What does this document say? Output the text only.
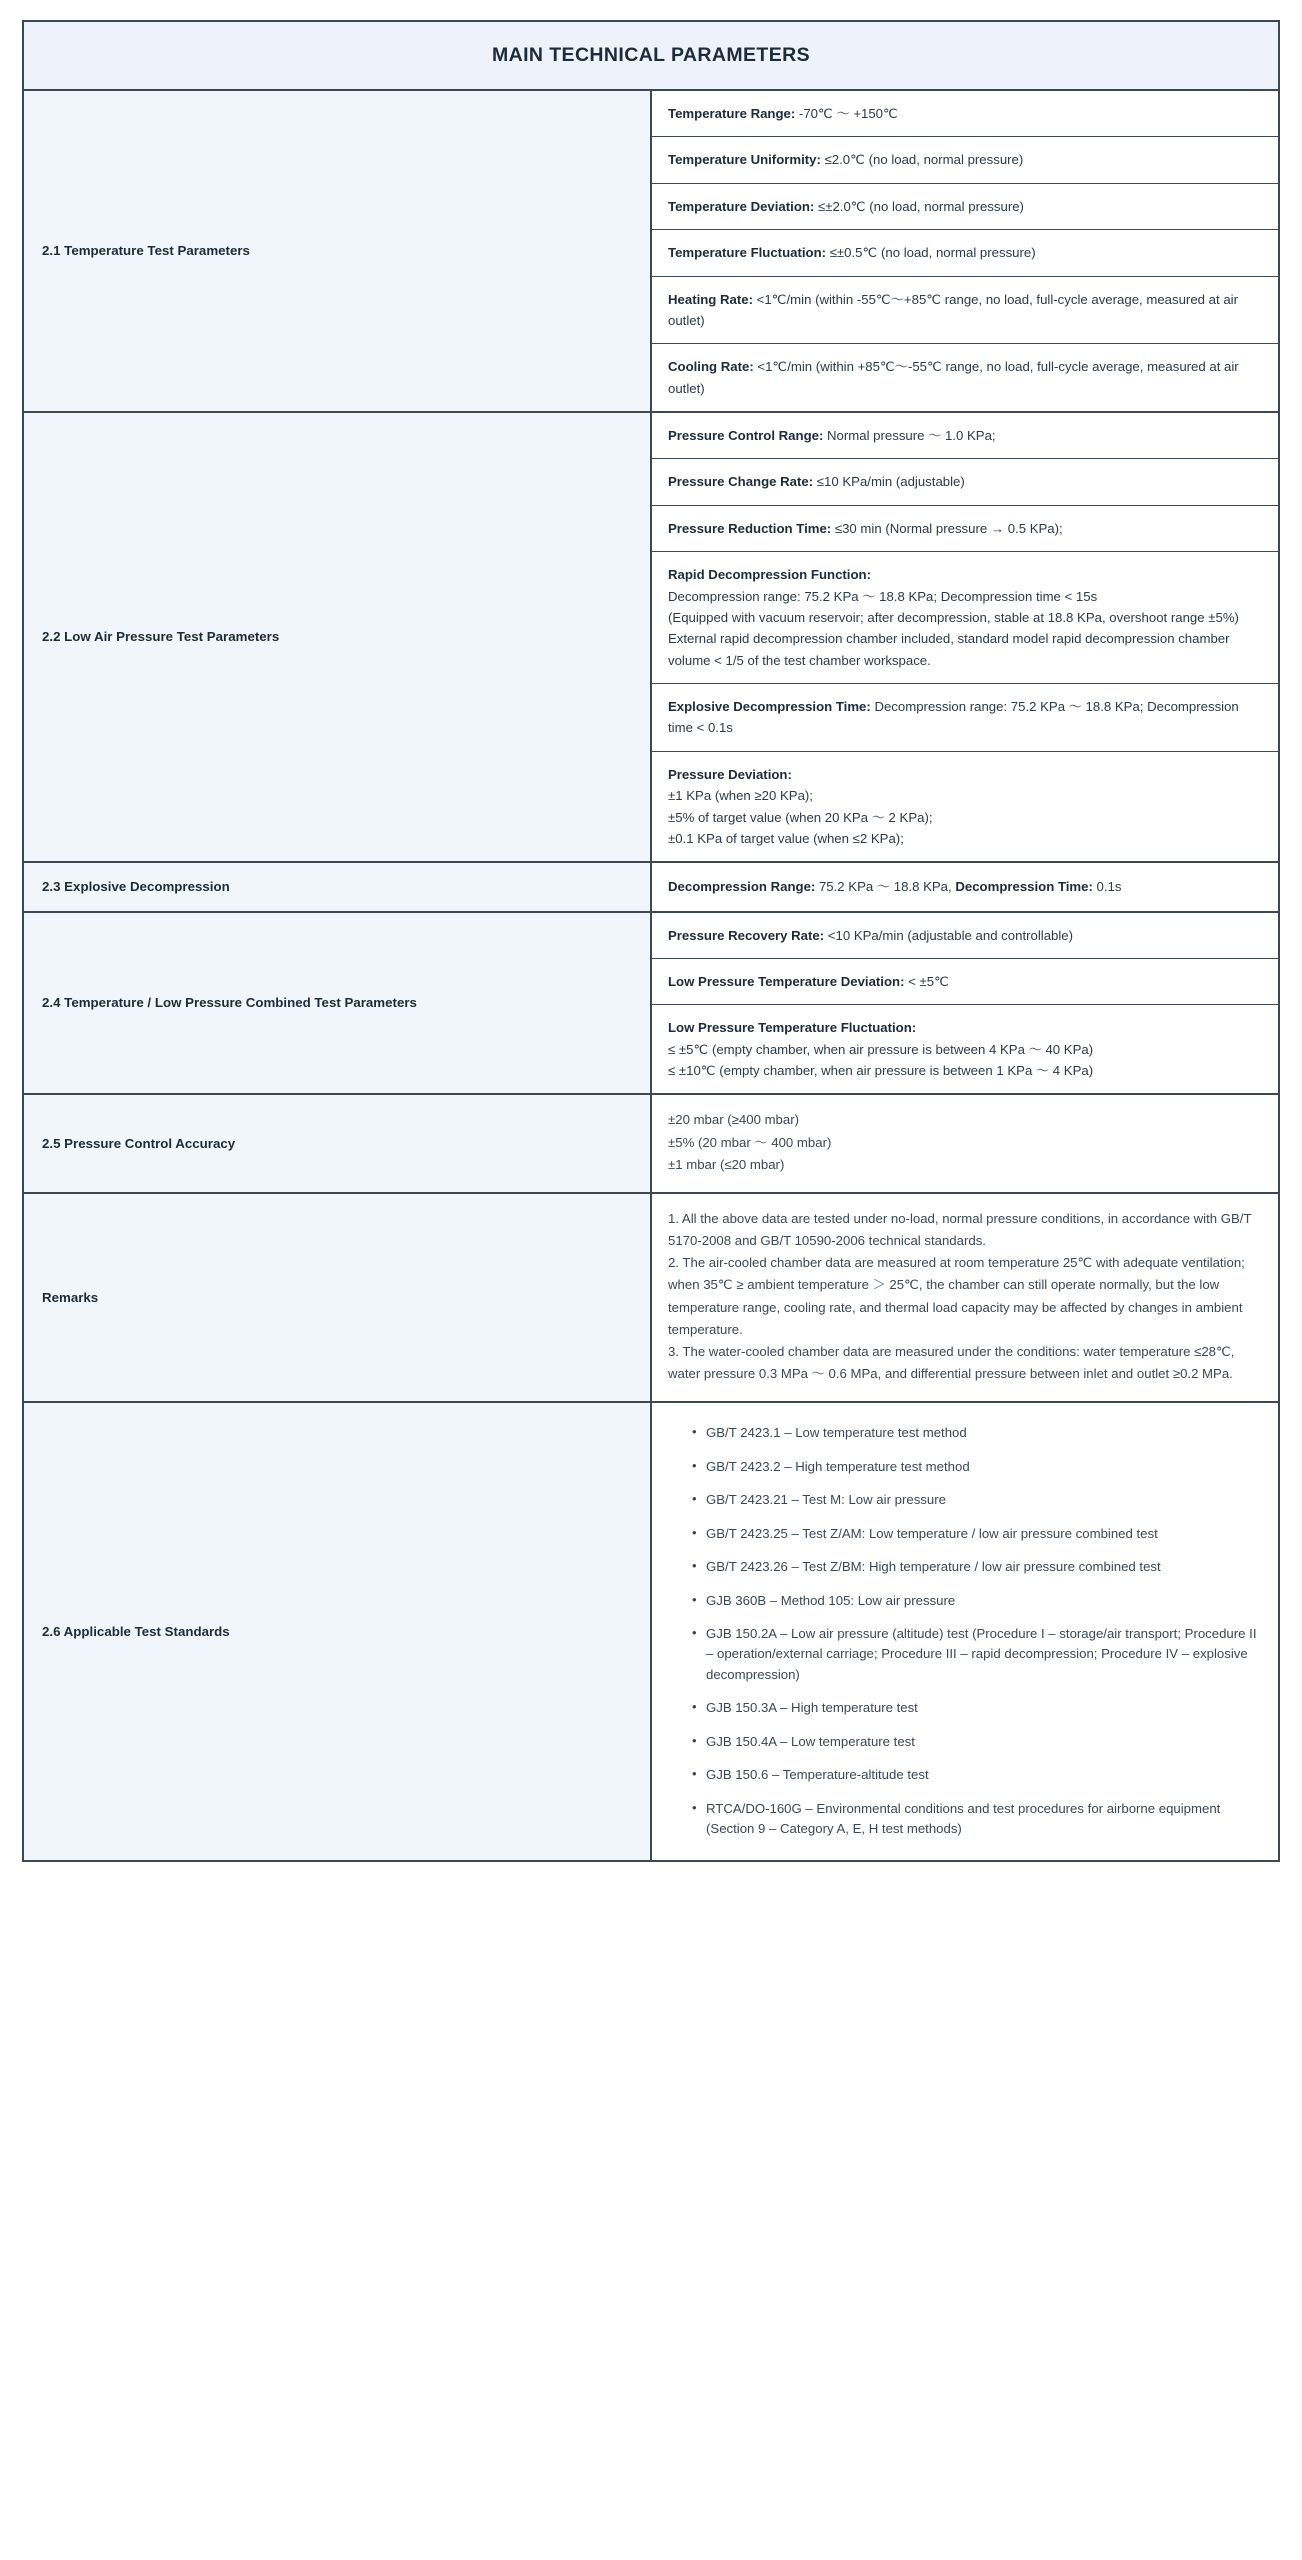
MAIN TECHNICAL PARAMETERS	
2.1 Temperature Test Parameters	Temperature Range: -70℃ ～ +150℃
	Temperature Uniformity: ≤2.0℃ (no load, normal pressure)
	Temperature Deviation: ≤±2.0℃ (no load, normal pressure)
	Temperature Fluctuation: ≤±0.5℃ (no load, normal pressure)
	Heating Rate: <1℃/min (within -55℃～+85℃ range, no load, full-cycle average, measured at air outlet)
	Cooling Rate: <1℃/min (within +85℃～-55℃ range, no load, full-cycle average, measured at air outlet)
2.2 Low Air Pressure Test Parameters	Pressure Control Range: Normal pressure ～ 1.0 KPa;
	Pressure Change Rate: ≤10 KPa/min (adjustable)
	Pressure Reduction Time: ≤30 min (Normal pressure → 0.5 KPa);

	Rapid Decompression Function:
Decompression range: 75.2 KPa ～ 18.8 KPa; Decompression time < 15s
(Equipped with vacuum reservoir; after decompression, stable at 18.8 KPa, overshoot range ±5%)
External rapid decompression chamber included, standard model rapid decompression chamber volume < 1/5 of the test chamber workspace.

	Explosive Decompression Time: Decompression range: 75.2 KPa ～ 18.8 KPa; Decompression time < 0.1s

	Pressure Deviation:
±1 KPa (when ≥20 KPa);
±5% of target value (when 20 KPa ～ 2 KPa);
±0.1 KPa of target value (when ≤2 KPa);

2.3 Explosive Decompression	Decompression Range: 75.2 KPa ～ 18.8 KPa, Decompression Time: 0.1s
2.4 Temperature / Low Pressure Combined Test Parameters	Pressure Recovery Rate: <10 KPa/min (adjustable and controllable)
	Low Pressure Temperature Deviation: < ±5℃

	Low Pressure Temperature Fluctuation:
≤ ±5℃ (empty chamber, when air pressure is between 4 KPa ～ 40 KPa)
≤ ±10℃ (empty chamber, when air pressure is between 1 KPa ～ 4 KPa)

2.5 Pressure Control Accuracy	±20 mbar (≥400 mbar)

±5% (20 mbar ～ 400 mbar)

±1 mbar (≤20 mbar)

Remarks	1. All the above data are tested under no-load, normal pressure conditions, in accordance with GB/T 5170-2008 and GB/T 10590-2006 technical standards.

2. The air-cooled chamber data are measured at room temperature 25℃ with adequate ventilation; when 35℃ ≥ ambient temperature ＞ 25℃, the chamber can still operate normally, but the low temperature range, cooling rate, and thermal load capacity may be affected by changes in ambient temperature.

3. The water-cooled chamber data are measured under the conditions: water temperature ≤28℃, water pressure 0.3 MPa ～ 0.6 MPa, and differential pressure between inlet and outlet ≥0.2 MPa.

2.6 Applicable Test Standards	
• GB/T 2423.1 – Low temperature test method
• GB/T 2423.2 – High temperature test method
• GB/T 2423.21 – Test M: Low air pressure
• GB/T 2423.25 – Test Z/AM: Low temperature / low air pressure combined test
• GB/T 2423.26 – Test Z/BM: High temperature / low air pressure combined test
• GJB 360B – Method 105: Low air pressure
• GJB 150.2A – Low air pressure (altitude) test (Procedure I – storage/air transport; Procedure II – operation/external carriage; Procedure III – rapid decompression; Procedure IV – explosive decompression)
• GJB 150.3A – High temperature test
• GJB 150.4A – Low temperature test
• GJB 150.6 – Temperature-altitude test
• RTCA/DO-160G – Environmental conditions and test procedures for airborne equipment (Section 9 – Category A, E, H test methods)
